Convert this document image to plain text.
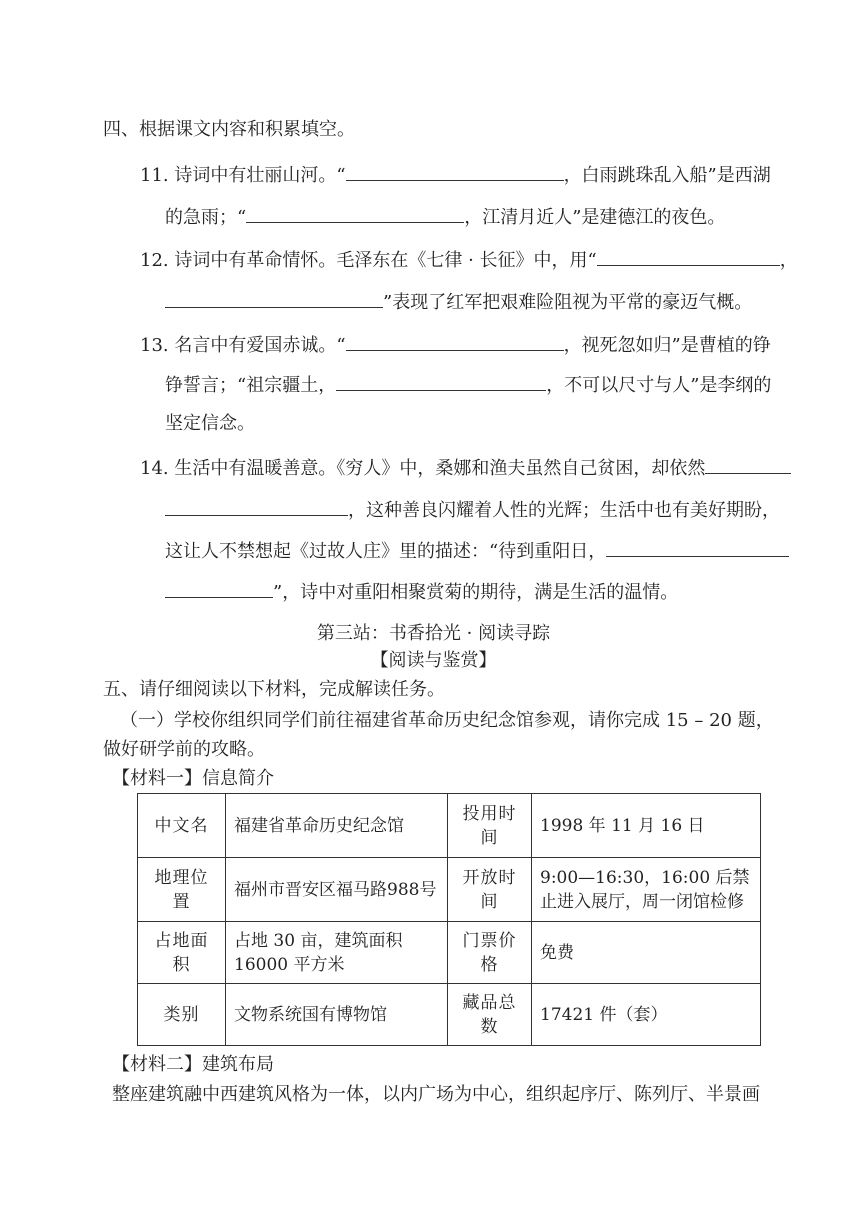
四、根据课文内容和积累填空。
11. 诗词中有壮丽山河。“	，白雨跳珠乱入船”是西湖
的急雨；“	，江清月近人”是建德江的夜色。
12. 诗词中有革命情怀。毛泽东在《七律 · 长征》中，用“	，
”表现了红军把艰难险阻视为平常的豪迈气概。
13. 名言中有爱国赤诚。“	，视死忽如归”是曹植的铮
铮誓言；“祖宗疆土，	，不可以尺寸与人”是李纲的
坚定信念。
14. 生活中有温暖善意。《穷人》中，桑娜和渔夫虽然自己贫困，却依然
，这种善良闪耀着人性的光辉；生活中也有美好期盼，
这让人不禁想起《过故人庄》里的描述：“待到重阳日，
”，诗中对重阳相聚赏菊的期待，满是生活的温情。
第三站：书香拾光 · 阅读寻踪
【阅读与鉴赏】
五、请仔细阅读以下材料，完成解读任务。
（一）学校你组织同学们前往福建省革命历史纪念馆参观，请你完成 15 – 20 题，
做好研学前的攻略。
【材料一】信息简介
中文名	福建省革命历史纪念馆	投用时间	1998 年 11 月 16 日
地理位置	福州市晋安区福马路988号	开放时间	9:00—16:30，16:00 后禁止进入展厅，周一闭馆检修
占地面积	占地 30 亩，建筑面积 16000 平方米	门票价格	免费
类别	文物系统国有博物馆	藏品总数	17421 件（套）
【材料二】建筑布局
整座建筑融中西建筑风格为一体，以内广场为中心，组织起序厅、陈列厅、半景画
